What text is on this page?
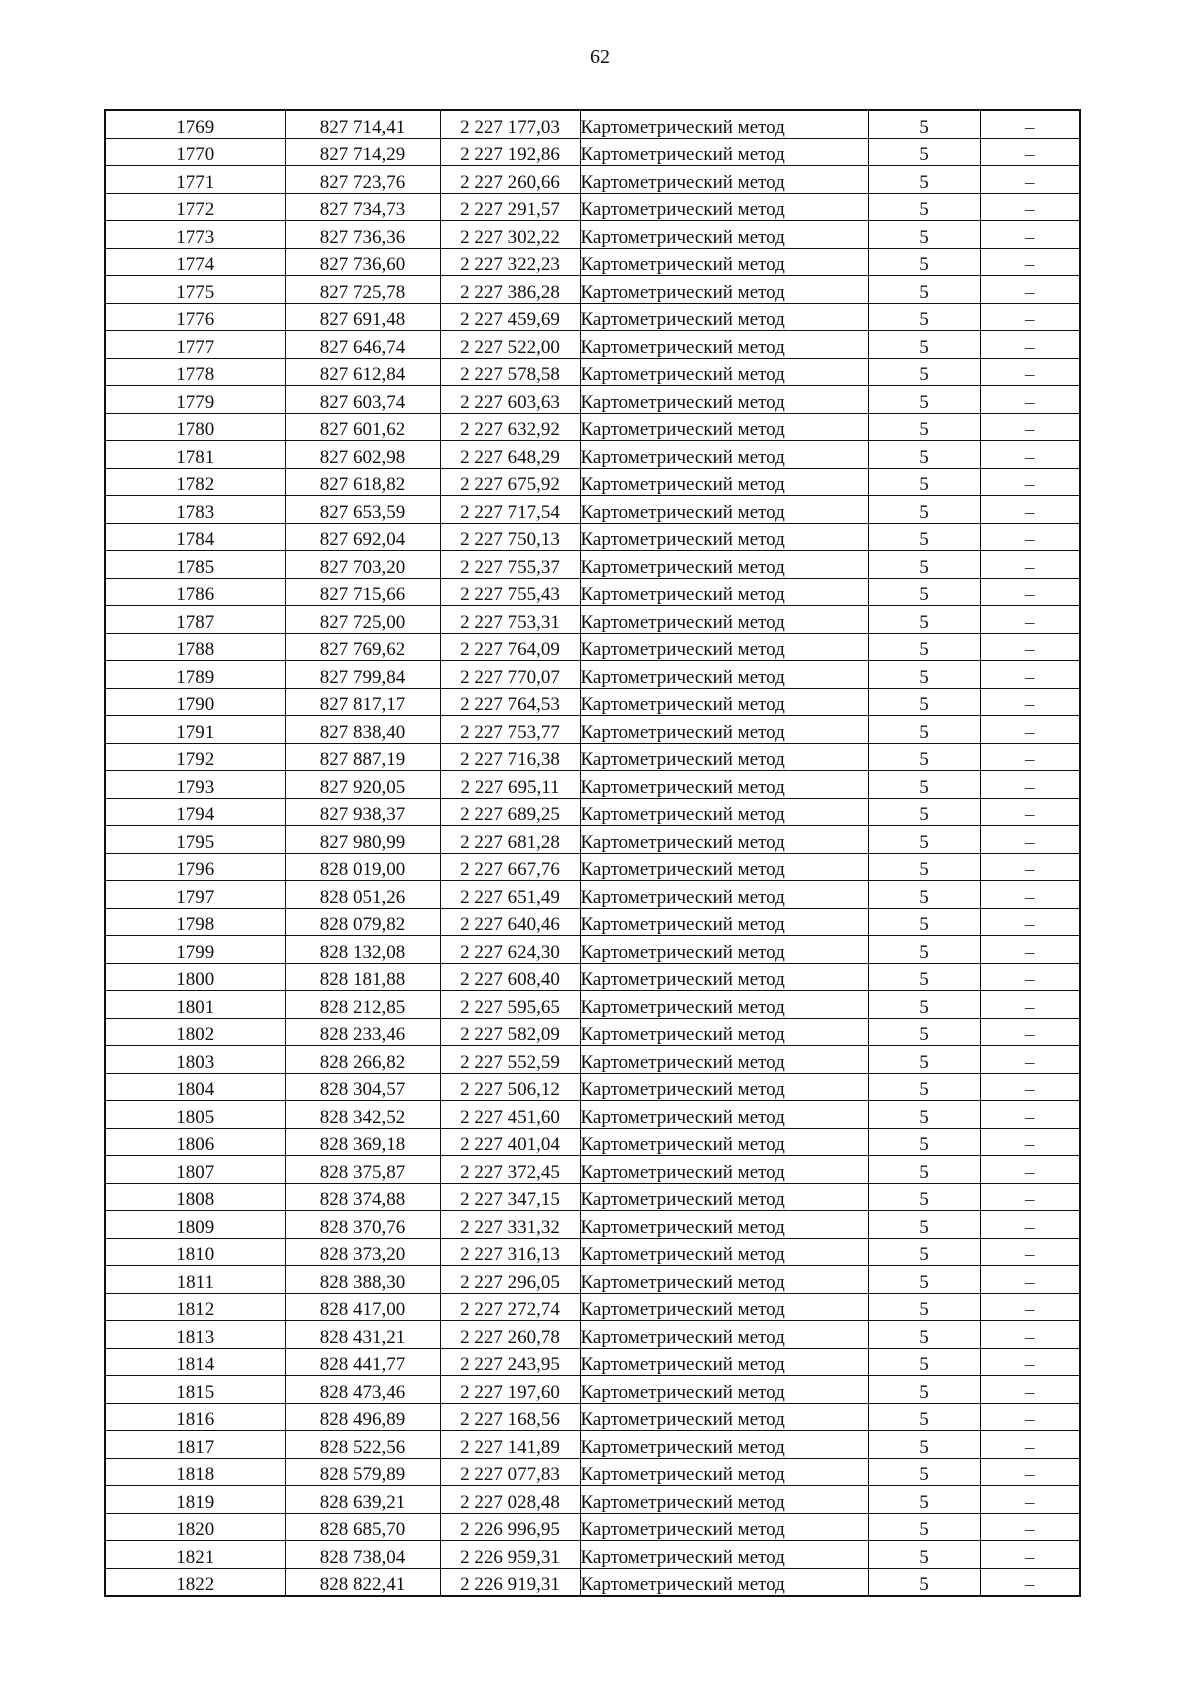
62
1769	827 714,41	2 227 177,03	Картометрический метод	5	–
1770	827 714,29	2 227 192,86	Картометрический метод	5	–
1771	827 723,76	2 227 260,66	Картометрический метод	5	–
1772	827 734,73	2 227 291,57	Картометрический метод	5	–
1773	827 736,36	2 227 302,22	Картометрический метод	5	–
1774	827 736,60	2 227 322,23	Картометрический метод	5	–
1775	827 725,78	2 227 386,28	Картометрический метод	5	–
1776	827 691,48	2 227 459,69	Картометрический метод	5	–
1777	827 646,74	2 227 522,00	Картометрический метод	5	–
1778	827 612,84	2 227 578,58	Картометрический метод	5	–
1779	827 603,74	2 227 603,63	Картометрический метод	5	–
1780	827 601,62	2 227 632,92	Картометрический метод	5	–
1781	827 602,98	2 227 648,29	Картометрический метод	5	–
1782	827 618,82	2 227 675,92	Картометрический метод	5	–
1783	827 653,59	2 227 717,54	Картометрический метод	5	–
1784	827 692,04	2 227 750,13	Картометрический метод	5	–
1785	827 703,20	2 227 755,37	Картометрический метод	5	–
1786	827 715,66	2 227 755,43	Картометрический метод	5	–
1787	827 725,00	2 227 753,31	Картометрический метод	5	–
1788	827 769,62	2 227 764,09	Картометрический метод	5	–
1789	827 799,84	2 227 770,07	Картометрический метод	5	–
1790	827 817,17	2 227 764,53	Картометрический метод	5	–
1791	827 838,40	2 227 753,77	Картометрический метод	5	–
1792	827 887,19	2 227 716,38	Картометрический метод	5	–
1793	827 920,05	2 227 695,11	Картометрический метод	5	–
1794	827 938,37	2 227 689,25	Картометрический метод	5	–
1795	827 980,99	2 227 681,28	Картометрический метод	5	–
1796	828 019,00	2 227 667,76	Картометрический метод	5	–
1797	828 051,26	2 227 651,49	Картометрический метод	5	–
1798	828 079,82	2 227 640,46	Картометрический метод	5	–
1799	828 132,08	2 227 624,30	Картометрический метод	5	–
1800	828 181,88	2 227 608,40	Картометрический метод	5	–
1801	828 212,85	2 227 595,65	Картометрический метод	5	–
1802	828 233,46	2 227 582,09	Картометрический метод	5	–
1803	828 266,82	2 227 552,59	Картометрический метод	5	–
1804	828 304,57	2 227 506,12	Картометрический метод	5	–
1805	828 342,52	2 227 451,60	Картометрический метод	5	–
1806	828 369,18	2 227 401,04	Картометрический метод	5	–
1807	828 375,87	2 227 372,45	Картометрический метод	5	–
1808	828 374,88	2 227 347,15	Картометрический метод	5	–
1809	828 370,76	2 227 331,32	Картометрический метод	5	–
1810	828 373,20	2 227 316,13	Картометрический метод	5	–
1811	828 388,30	2 227 296,05	Картометрический метод	5	–
1812	828 417,00	2 227 272,74	Картометрический метод	5	–
1813	828 431,21	2 227 260,78	Картометрический метод	5	–
1814	828 441,77	2 227 243,95	Картометрический метод	5	–
1815	828 473,46	2 227 197,60	Картометрический метод	5	–
1816	828 496,89	2 227 168,56	Картометрический метод	5	–
1817	828 522,56	2 227 141,89	Картометрический метод	5	–
1818	828 579,89	2 227 077,83	Картометрический метод	5	–
1819	828 639,21	2 227 028,48	Картометрический метод	5	–
1820	828 685,70	2 226 996,95	Картометрический метод	5	–
1821	828 738,04	2 226 959,31	Картометрический метод	5	–
1822	828 822,41	2 226 919,31	Картометрический метод	5	–
